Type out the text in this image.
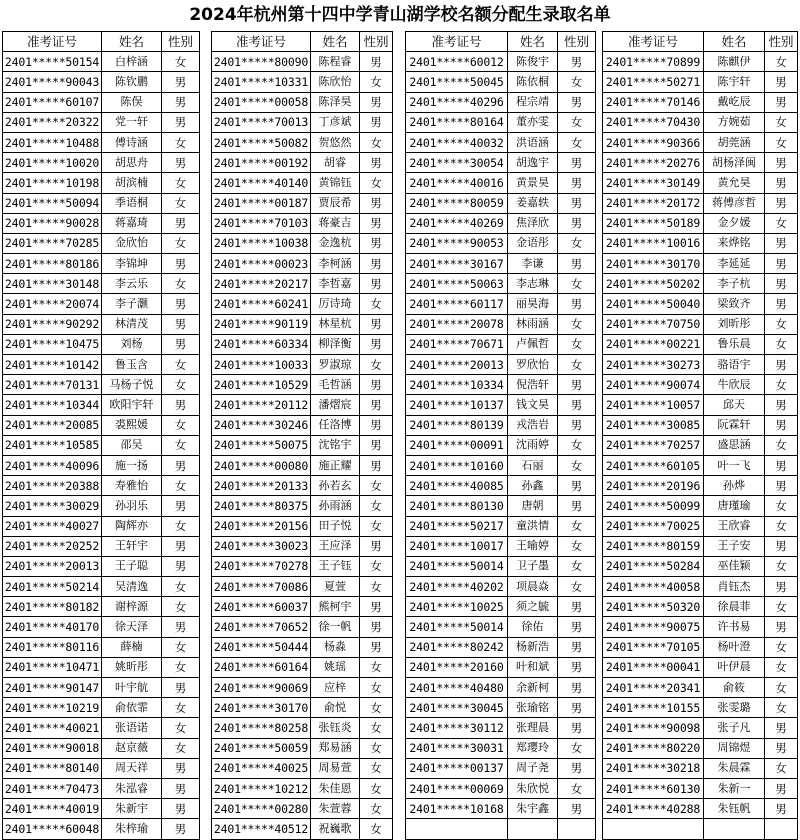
2024年杭州第十四中学青山湖学校名额分配生录取名单
准考证号	姓名	性别
2401*****50154	白梓涵	女
2401*****90043	陈钦鹏	男
2401*****60107	陈俣	男
2401*****20322	党一轩	男
2401*****10488	傅诗涵	女
2401*****10020	胡思舟	男
2401*****10198	胡滨楠	女
2401*****50094	季语桐	女
2401*****90028	蒋嘉琦	男
2401*****70285	金欣怡	女
2401*****80186	李锦坤	男
2401*****30148	李云乐	女
2401*****20074	李子灏	男
2401*****90292	林清茂	男
2401*****10475	刘杨	男
2401*****10142	鲁玉含	女
2401*****70131	马杨子悦	女
2401*****10344	欧阳宇轩	男
2401*****20085	裘熙媛	女
2401*****10585	邵吴	女
2401*****40096	施一扬	男
2401*****20388	寿雅怡	女
2401*****30029	孙羽乐	男
2401*****40027	陶辉亦	女
2401*****20252	王轩宇	男
2401*****20013	王子聪	男
2401*****50214	吴清逸	女
2401*****80182	谢梓源	女
2401*****40170	徐天泽	男
2401*****80116	薛楠	女
2401*****10471	姚昕彤	女
2401*****90147	叶宇航	男
2401*****10219	俞依霏	女
2401*****40021	张语诺	女
2401*****90018	赵京薇	女
2401*****80140	周天祥	男
2401*****70473	朱泓睿	男
2401*****40019	朱新宇	男
2401*****60048	朱梓瑜	男
准考证号	姓名	性别
2401*****80090	陈程睿	男
2401*****10331	陈欣怡	女
2401*****00058	陈泽昊	男
2401*****70013	丁彦斌	男
2401*****50082	贺悠然	女
2401*****00192	胡睿	男
2401*****40140	黄锦钰	女
2401*****00187	贾辰希	男
2401*****70103	蒋豪吉	男
2401*****10038	金逸杭	男
2401*****00023	李柯涵	男
2401*****20217	李哲嘉	男
2401*****60241	厉诗琦	女
2401*****90119	林星杭	男
2401*****60334	柳泽衡	男
2401*****10033	罗淑琼	女
2401*****10529	毛哲涵	男
2401*****20112	潘熠宸	男
2401*****30246	任洛博	男
2401*****50075	沈铭宇	男
2401*****00080	施正耀	男
2401*****20133	孙若玄	女
2401*****80375	孙雨涵	女
2401*****20156	田子悦	女
2401*****30023	王应泽	男
2401*****70278	王子钰	女
2401*****70086	夏萱	女
2401*****60037	熊柯宇	男
2401*****70652	徐一帆	男
2401*****50444	杨淼	男
2401*****60164	姚瑶	女
2401*****90069	应梓	女
2401*****30170	俞悦	女
2401*****80258	张钰炎	女
2401*****50059	郑易涵	女
2401*****40025	周易萱	女
2401*****10212	朱佳恩	女
2401*****00280	朱萱蓉	女
2401*****40512	祝巍歌	女
准考证号	姓名	性别
2401*****60012	陈俊宇	男
2401*****50045	陈依桐	女
2401*****40296	程宗靖	男
2401*****80164	董亦雯	女
2401*****40032	洪语涵	女
2401*****30054	胡逸宇	男
2401*****40016	黄景昊	男
2401*****80059	姜嘉轶	男
2401*****40269	焦泽欣	男
2401*****90053	金语彤	女
2401*****30167	李谦	男
2401*****50063	李志琳	女
2401*****60117	丽昊海	男
2401*****20078	林雨涵	女
2401*****70671	卢佩哲	女
2401*****20013	罗欣怡	女
2401*****10334	倪浩轩	男
2401*****10137	钱文昊	男
2401*****80139	戎浩岩	男
2401*****00091	沈雨婷	女
2401*****10160	石丽	女
2401*****40085	孙鑫	男
2401*****80130	唐朝	男
2401*****50217	童洪情	女
2401*****10017	王喻婷	女
2401*****50014	卫子墨	女
2401*****40202	项晨焱	女
2401*****10025	须之毓	男
2401*****50014	徐佑	男
2401*****80242	杨新浩	男
2401*****20160	叶和斌	男
2401*****40480	余新柯	男
2401*****30045	张瑜铭	男
2401*****30112	张理晨	男
2401*****30031	郑璎玲	女
2401*****00137	周子尧	男
2401*****00069	朱欣悦	女
2401*****10168	朱宇鑫	男

准考证号	姓名	性别
2401*****70899	陈麒伊	女
2401*****50271	陈宇轩	男
2401*****70146	戴屹辰	男
2401*****70430	方婉茹	女
2401*****90366	胡莞涵	女
2401*****20276	胡杨泽闽	男
2401*****30149	黄允昊	男
2401*****20172	蒋傅彦哲	男
2401*****50189	金夕媛	女
2401*****10016	来烨铭	男
2401*****30170	李延延	男
2401*****50202	李子杭	男
2401*****50040	梁致齐	男
2401*****70750	刘昕彤	女
2401*****00221	鲁乐晨	女
2401*****30273	骆语宇	男
2401*****90074	牛欣辰	女
2401*****10057	邱天	男
2401*****30085	阮霖轩	男
2401*****70257	盛思涵	女
2401*****60105	叶一飞	男
2401*****20196	孙烨	男
2401*****50099	唐瑾瑜	女
2401*****70025	王欣睿	女
2401*****80159	王子安	男
2401*****50284	巫佳颖	女
2401*****40058	肖钰杰	男
2401*****50320	徐晨菲	女
2401*****90075	许书易	男
2401*****70105	杨叶澄	女
2401*****00041	叶伊晨	女
2401*****20341	俞筱	女
2401*****10155	张雯璐	女
2401*****90098	张子凡	男
2401*****80220	周锦煜	男
2401*****30218	朱晨霖	女
2401*****60130	朱新一	男
2401*****40288	朱钰帆	男
